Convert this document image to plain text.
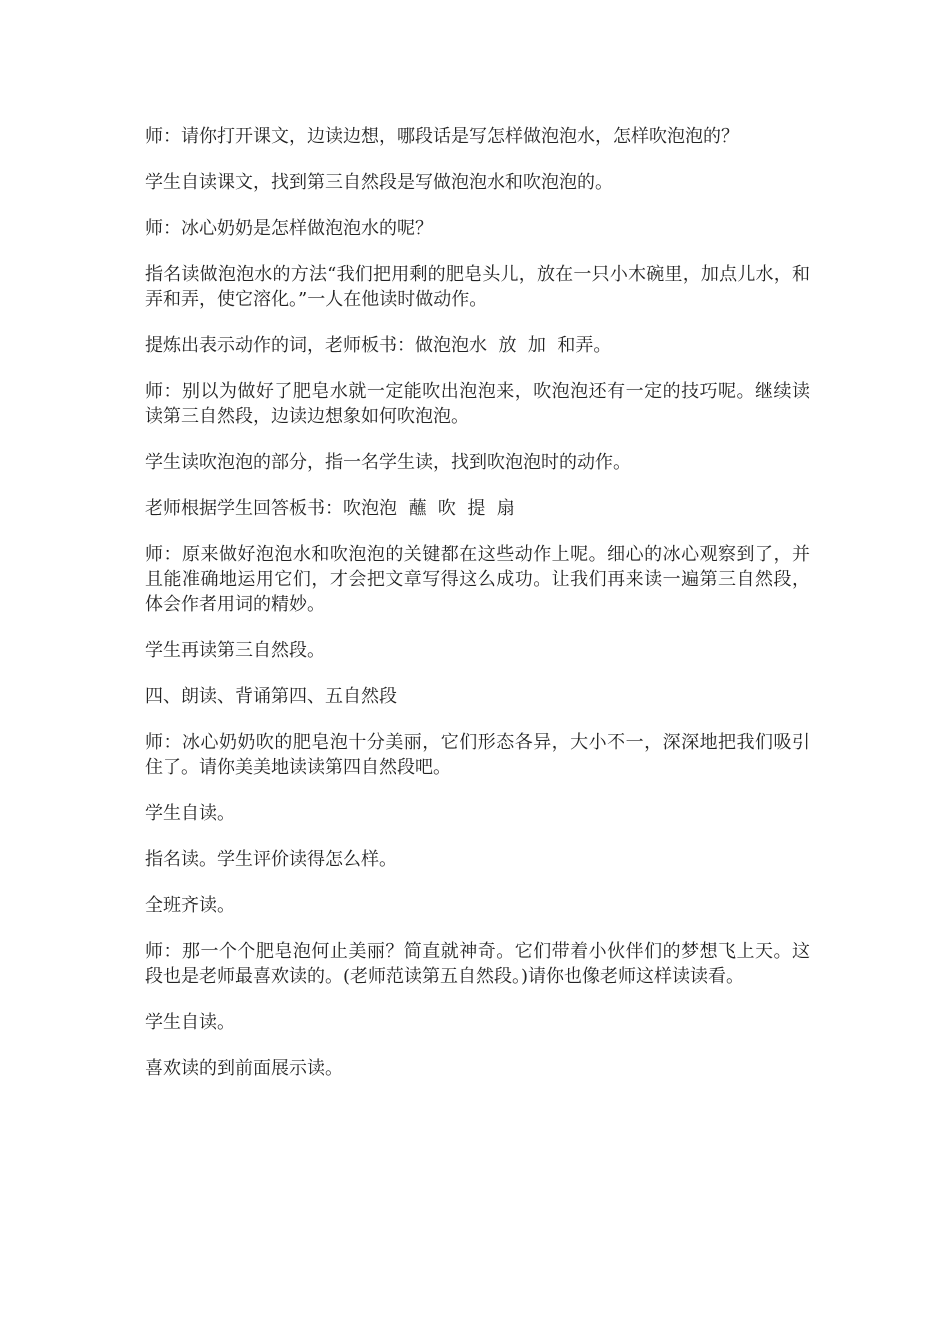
师：请你打开课文，边读边想，哪段话是写怎样做泡泡水，怎样吹泡泡的？

学生自读课文，找到第三自然段是写做泡泡水和吹泡泡的。

师：冰心奶奶是怎样做泡泡水的呢？

指名读做泡泡水的方法“我们把用剩的肥皂头儿，放在一只小木碗里，加点儿水，和弄和弄，使它溶化。”一人在他读时做动作。

提炼出表示动作的词，老师板书：做泡泡水  放  加  和弄。

师：别以为做好了肥皂水就一定能吹出泡泡来，吹泡泡还有一定的技巧呢。继续读读第三自然段，边读边想象如何吹泡泡。

学生读吹泡泡的部分，指一名学生读，找到吹泡泡时的动作。

老师根据学生回答板书：吹泡泡  蘸  吹  提  扇

师：原来做好泡泡水和吹泡泡的关键都在这些动作上呢。细心的冰心观察到了，并且能准确地运用它们，才会把文章写得这么成功。让我们再来读一遍第三自然段，体会作者用词的精妙。

学生再读第三自然段。

四、朗读、背诵第四、五自然段

师：冰心奶奶吹的肥皂泡十分美丽，它们形态各异，大小不一，深深地把我们吸引住了。请你美美地读读第四自然段吧。

学生自读。

指名读。学生评价读得怎么样。

全班齐读。

师：那一个个肥皂泡何止美丽？简直就神奇。它们带着小伙伴们的梦想飞上天。这段也是老师最喜欢读的。(老师范读第五自然段。)请你也像老师这样读读看。

学生自读。

喜欢读的到前面展示读。
